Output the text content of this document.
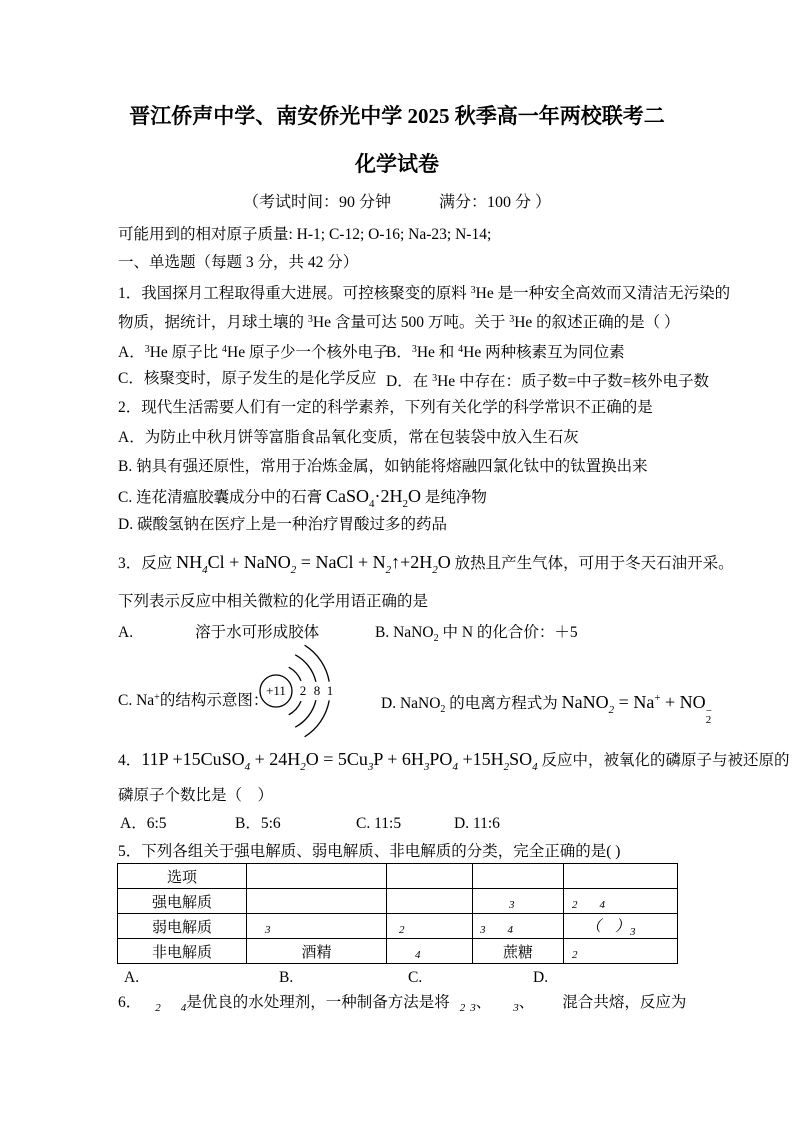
晋江侨声中学、南安侨光中学 2025 秋季高一年两校联考二
化学试卷
（考试时间：90 分钟　　　满分：100 分 ）
可能用到的相对原子质量: H-1; C-12; O-16; Na-23; N-14;
一、单选题（每题 3 分，共 42 分）
1．我国探月工程取得重大进展。可控核聚变的原料 $^3$He 是一种安全高效而又清洁无污染的
物质，据统计，月球土壤的 $^3$He 含量可达 500 万吨。关于 $^3$He 的叙述正确的是（ ）
A．$^3$He 原子比 $^4$He 原子少一个核外电子
B．$^3$He 和 $^4$He 两种核素互为同位素
C．核聚变时，原子发生的是化学反应 D．在 $^3$He 中存在：质子数=中子数=核外电子数
2．现代生活需要人们有一定的科学素养，下列有关化学的科学常识不正确的是
A．为防止中秋月饼等富脂食品氧化变质，常在包装袋中放入生石灰
B. 钠具有强还原性，常用于冶炼金属，如钠能将熔融四氯化钛中的钛置换出来
C. 连花清瘟胶囊成分中的石膏 $CaSO_4\cdot 2H_2O$ 是纯净物
D. 碳酸氢钠在医疗上是一种治疗胃酸过多的药品
3．反应 $NH_4Cl$ + NaNO$_2$ = NaCl + $N_2↑+2H_2O$ 放热且产生气体，可用于冬天石油开采。
下列表示反应中相关微粒的化学用语正确的是
A.	溶于水可形成胶体	B. NaNO$_2$ 中 N 的化合价：＋5
C. Na+的结构示意图：	D. NaNO$_2$ 的电离方程式为 NaNO$_2$ = Na+ + NO −
2
+11 2 8 1
4．11P +15CuSO$_4$ + $24H_2O = 5Cu_3P + 6H_3PO_4 +15H_2SO_4$ 反应中，被氧化的磷原子与被还原的
磷原子个数比是（　）
A．6:5	B．5:6	C. 11:5	D. 11:6
5．下列各组关于强电解质、弱电解质、非电解质的分类，完全正确的是( )
选项				
强电解质			$_3$	$_2$ $_4$
弱电解质	$_3$	$_2$	$_3$ $_4$	（ ）$_3$
非电解质	酒精	$_4$	蔗糖	$_2$
A.	B.	C.	D.
6． $_2$ $_4$是优良的水处理剂，一种制备方法是将 $_2$ $_3$、 $_3$、 混合共熔，反应为
